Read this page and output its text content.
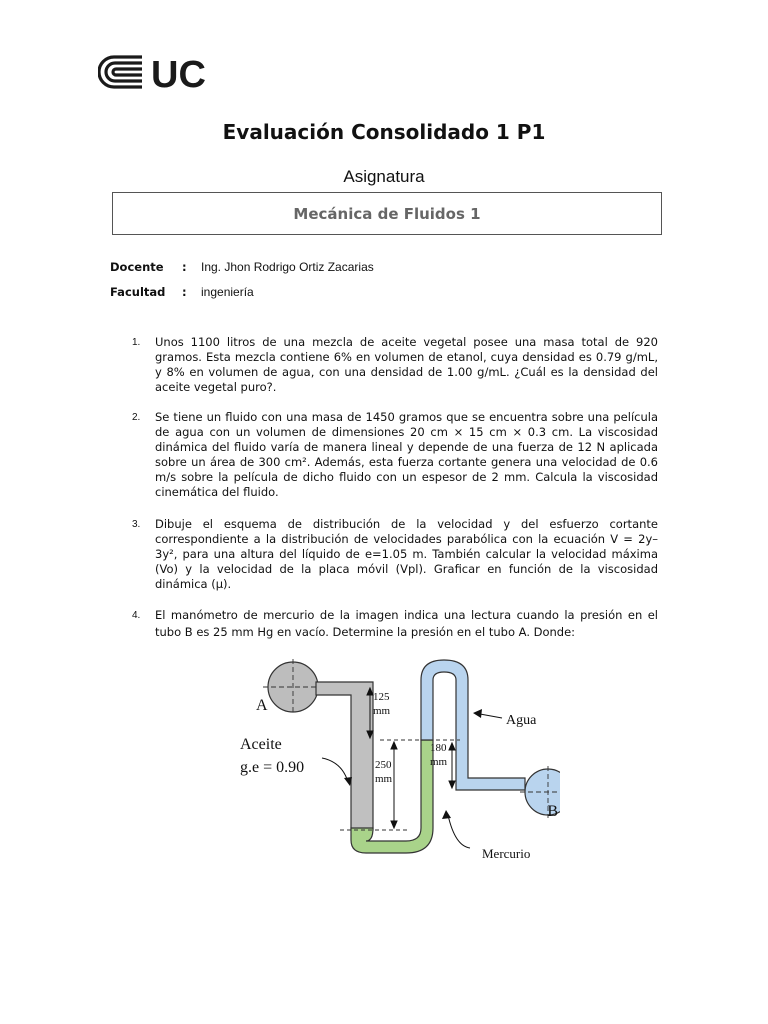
UC
Evaluación Consolidado 1 P1
Asignatura
Mecánica de Fluidos 1
Docente : Ing. Jhon Rodrigo Ortiz Zacarias
Facultad : ingeniería
1. Unos 1100 litros de una mezcla de aceite vegetal posee una masa total de 920 gramos. Esta mezcla contiene 6% en volumen de etanol, cuya densidad es 0.79 g/mL, y 8% en volumen de agua, con una densidad de 1.00 g/mL. ¿Cuál es la densidad del aceite vegetal puro?.
2. Se tiene un fluido con una masa de 1450 gramos que se encuentra sobre una película de agua con un volumen de dimensiones 20 cm × 15 cm × 0.3 cm. La viscosidad dinámica del fluido varía de manera lineal y depende de una fuerza de 12 N aplicada sobre un área de 300 cm². Además, esta fuerza cortante genera una velocidad de 0.6 m/s sobre la película de dicho fluido con un espesor de 2 mm. Calcula la viscosidad cinemática del fluido.
3. Dibuje el esquema de distribución de la velocidad y del esfuerzo cortante correspondiente a la distribución de velocidades parabólica con la ecuación V = 2y– 3y², para una altura del líquido de e=1.05 m. También calcular la velocidad máxima (Vo) y la velocidad de la placa móvil (Vpl). Graficar en función de la viscosidad dinámica (µ).
4. El manómetro de mercurio de la imagen indica una lectura cuando la presión en el tubo B es 25 mm Hg en vacío. Determine la presión en el tubo A. Donde:
A
B
Aceite
g.e = 0.90
Agua
Mercurio
125
mm
250
mm
180
mm
